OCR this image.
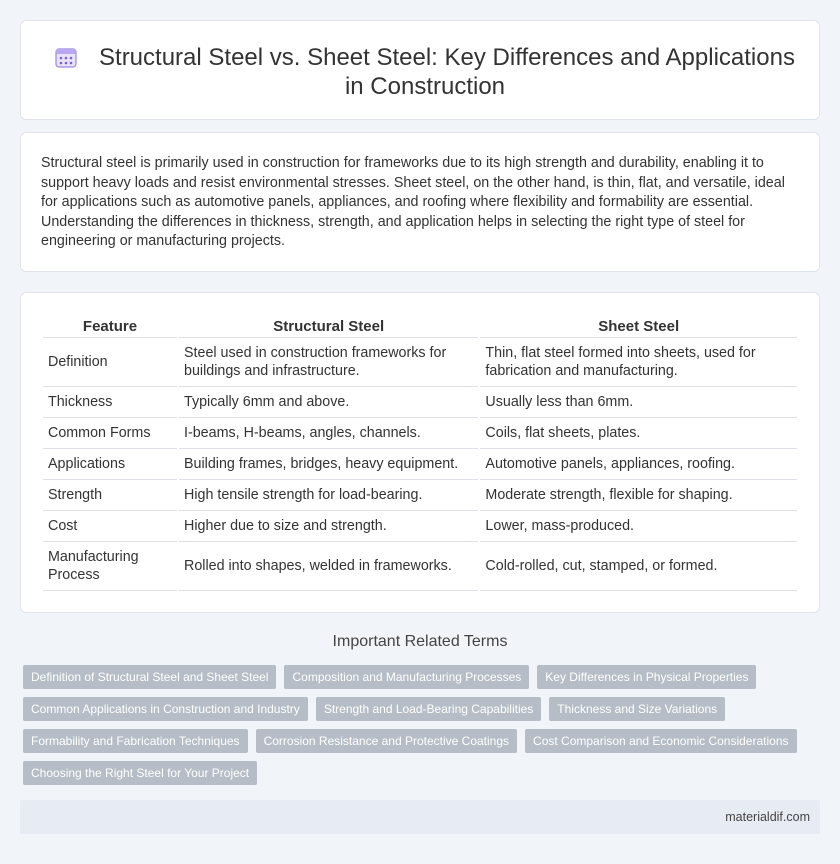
Structural Steel vs. Sheet Steel: Key Differences and Applications in Construction

Structural steel is primarily used in construction for frameworks due to its high strength and durability, enabling it to support heavy loads and resist environmental stresses. Sheet steel, on the other hand, is thin, flat, and versatile, ideal for applications such as automotive panels, appliances, and roofing where flexibility and formability are essential. Understanding the differences in thickness, strength, and application helps in selecting the right type of steel for engineering or manufacturing projects.

Feature	Structural Steel	Sheet Steel
Definition	Steel used in construction frameworks for buildings and infrastructure.	Thin, flat steel formed into sheets, used for fabrication and manufacturing.
Thickness	Typically 6mm and above.	Usually less than 6mm.
Common Forms	I-beams, H-beams, angles, channels.	Coils, flat sheets, plates.
Applications	Building frames, bridges, heavy equipment.	Automotive panels, appliances, roofing.
Strength	High tensile strength for load-bearing.	Moderate strength, flexible for shaping.
Cost	Higher due to size and strength.	Lower, mass-produced.
Manufacturing Process	Rolled into shapes, welded in frameworks.	Cold-rolled, cut, stamped, or formed.
Important Related Terms
Definition of Structural Steel and Sheet Steel	Composition and Manufacturing Processes	Key Differences in Physical Properties
Common Applications in Construction and Industry	Strength and Load-Bearing Capabilities	Thickness and Size Variations
Formability and Fabrication Techniques	Corrosion Resistance and Protective Coatings	Cost Comparison and Economic Considerations
Choosing the Right Steel for Your Project
materialdif.com
